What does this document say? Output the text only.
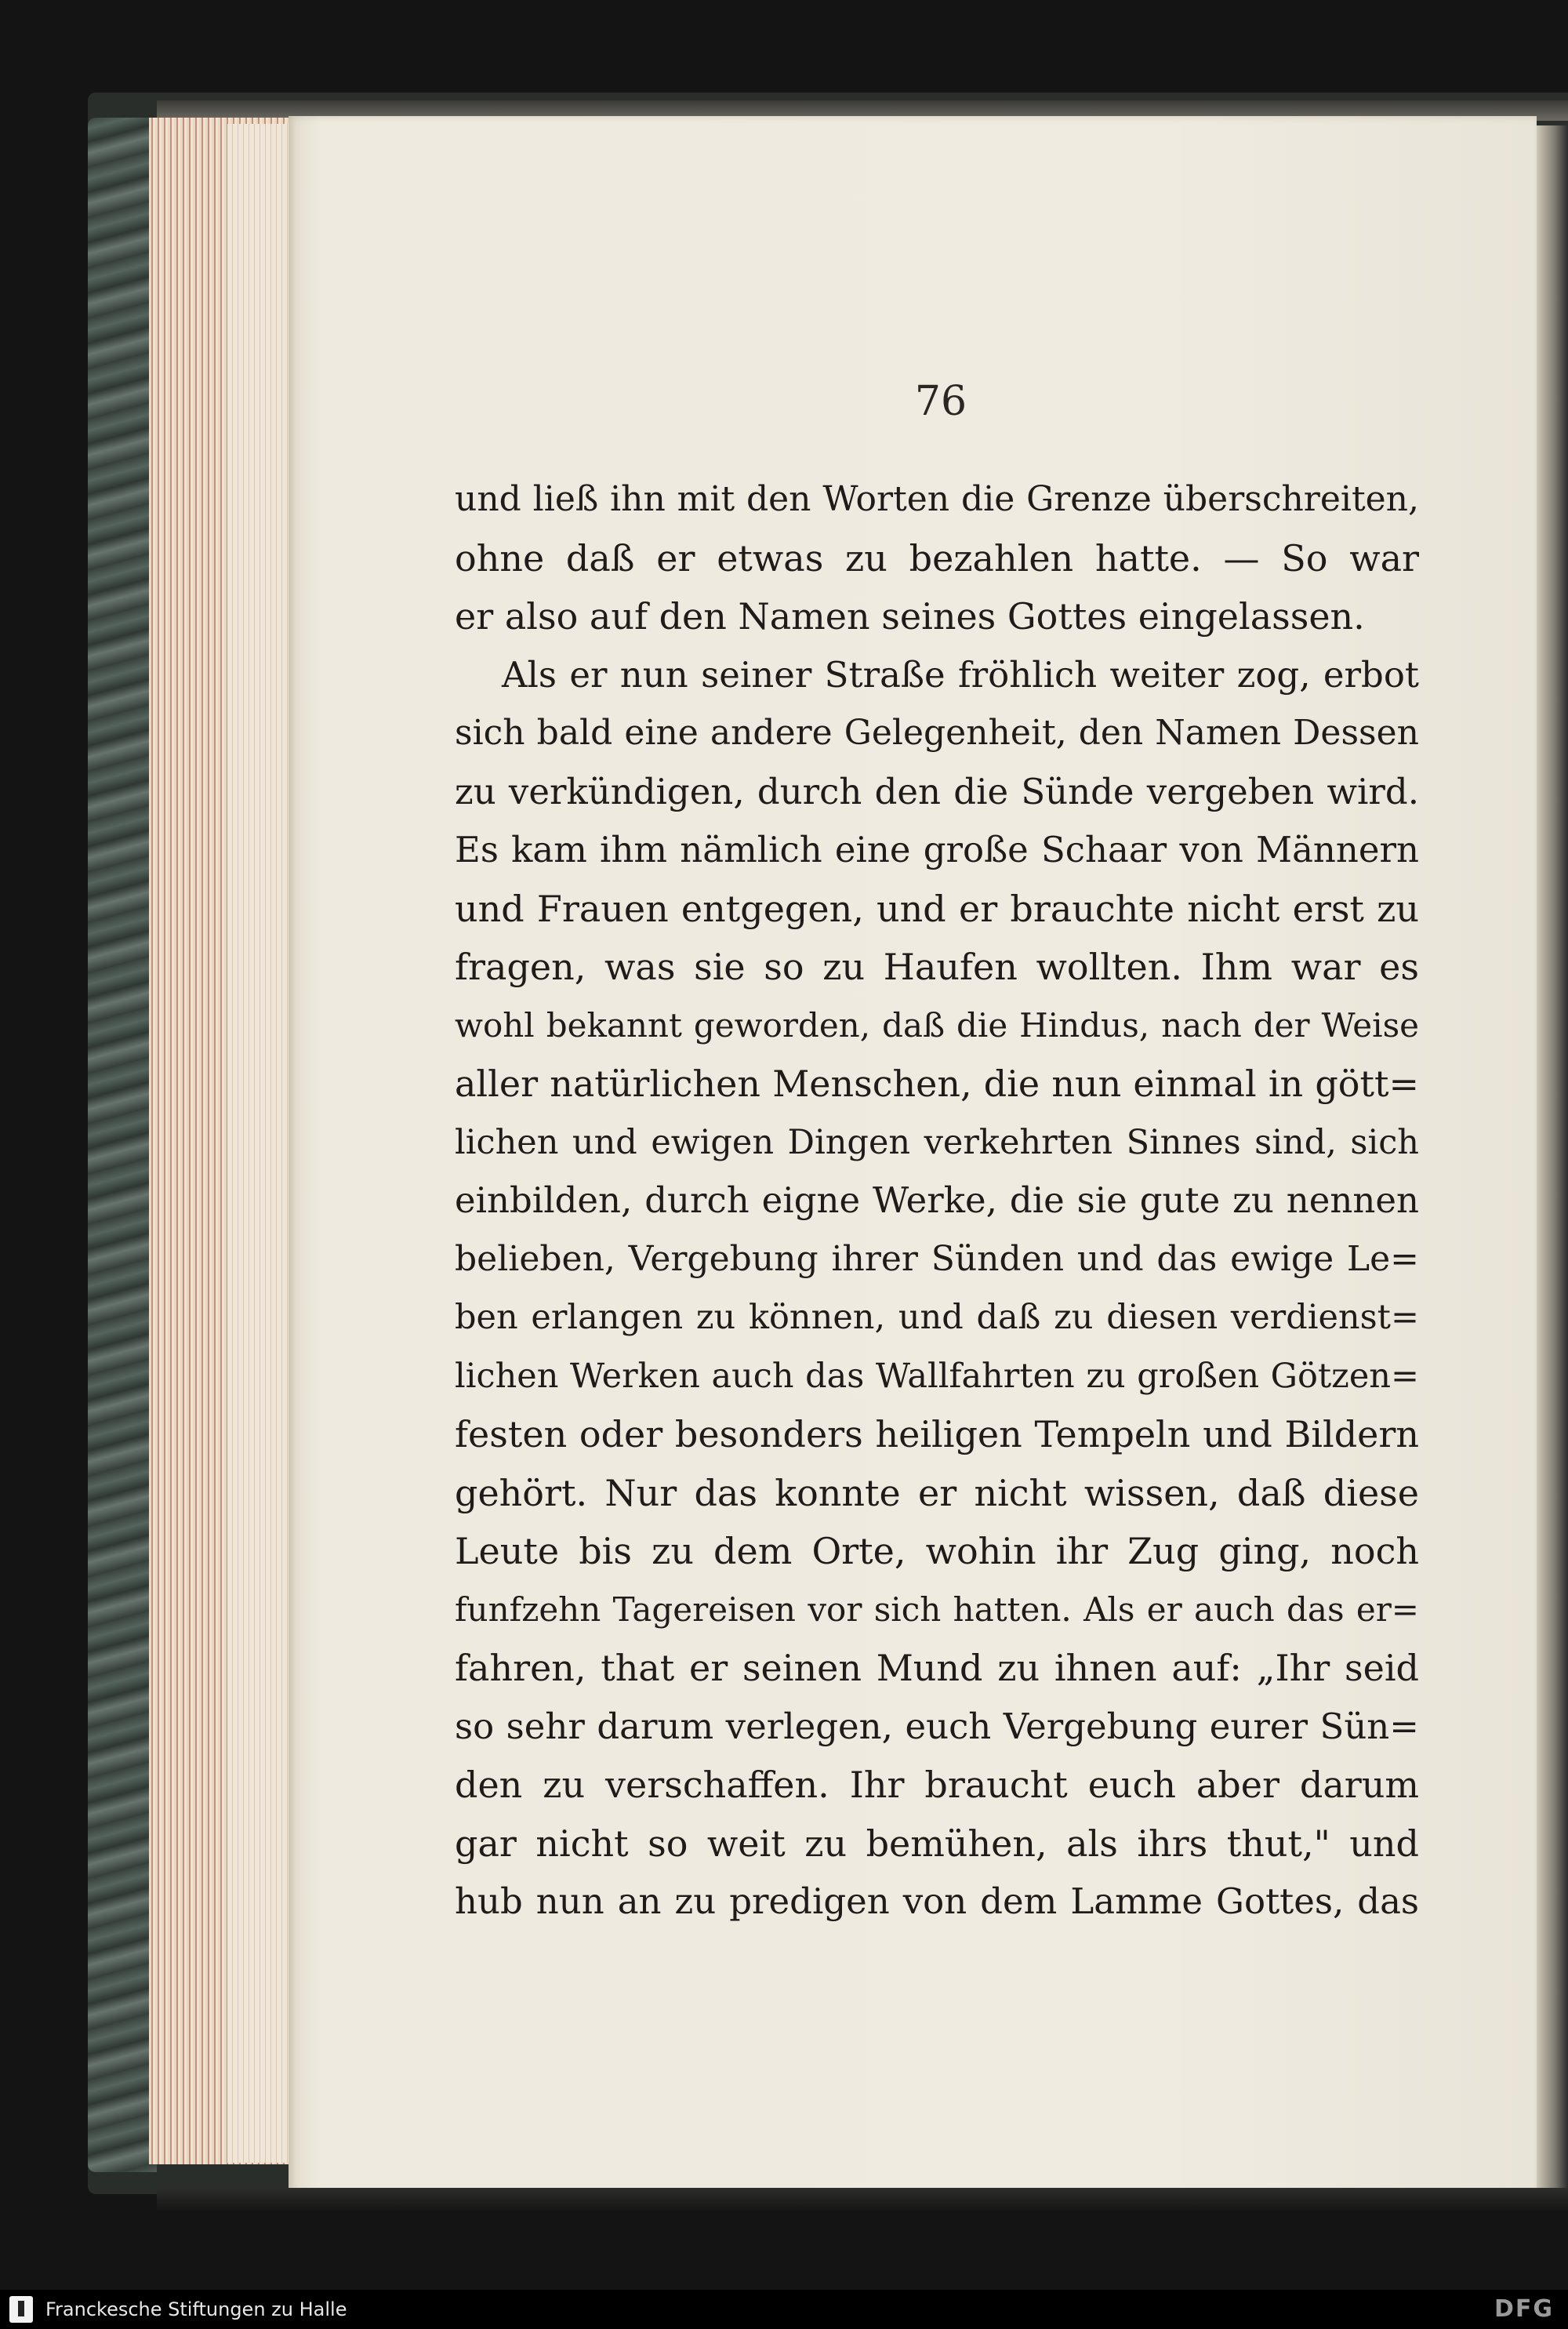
76
und ließ ihn mit den Worten die Grenze überschreiten,
ohne daß er etwas zu bezahlen hatte. — So war
er also auf den Namen seines Gottes eingelassen.
Als er nun seiner Straße fröhlich weiter zog, erbot
sich bald eine andere Gelegenheit, den Namen Dessen
zu verkündigen, durch den die Sünde vergeben wird.
Es kam ihm nämlich eine große Schaar von Männern
und Frauen entgegen, und er brauchte nicht erst zu
fragen, was sie so zu Haufen wollten. Ihm war es
wohl bekannt geworden, daß die Hindus, nach der Weise
aller natürlichen Menschen, die nun einmal in gött=
lichen und ewigen Dingen verkehrten Sinnes sind, sich
einbilden, durch eigne Werke, die sie gute zu nennen
belieben, Vergebung ihrer Sünden und das ewige Le=
ben erlangen zu können, und daß zu diesen verdienst=
lichen Werken auch das Wallfahrten zu großen Götzen=
festen oder besonders heiligen Tempeln und Bildern
gehört. Nur das konnte er nicht wissen, daß diese
Leute bis zu dem Orte, wohin ihr Zug ging, noch
funfzehn Tagereisen vor sich hatten. Als er auch das er=
fahren, that er seinen Mund zu ihnen auf: „Ihr seid
so sehr darum verlegen, euch Vergebung eurer Sün=
den zu verschaffen. Ihr braucht euch aber darum
gar nicht so weit zu bemühen, als ihrs thut," und
hub nun an zu predigen von dem Lamme Gottes, das
Franckesche Stiftungen zu Halle	DFG
